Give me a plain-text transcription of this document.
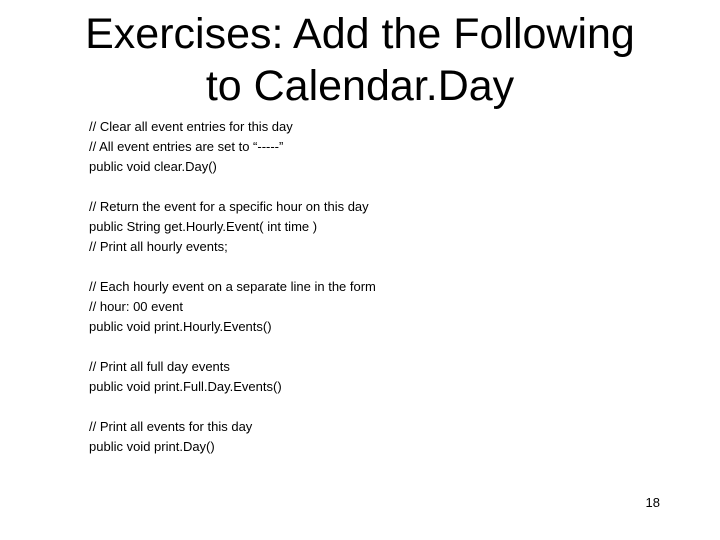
Exercises: Add the Following
to Calendar.Day
// Clear all event entries for this day
// All event entries are set to “-----”
public void clear.Day()
// Return the event for a specific hour on this day
public String get.Hourly.Event( int time )
// Print all hourly events;
// Each hourly event on a separate line in the form
// hour: 00 event
public void print.Hourly.Events()
// Print all full day events
public void print.Full.Day.Events()
// Print all events for this day
public void print.Day()
18
